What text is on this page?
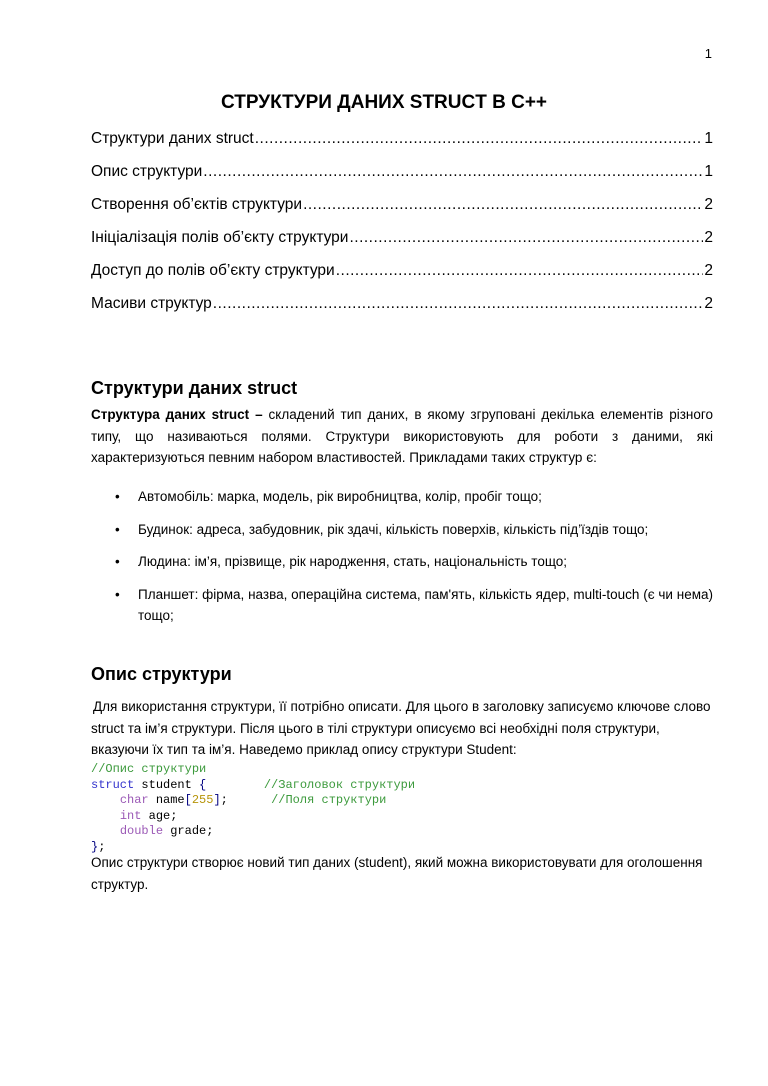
1
СТРУКТУРИ ДАНИХ STRUCT В С++
Структури даних struct .....	1
Опис структури .....	1
Створення об’єктів структури .....	2
Ініціалізація полів об’єкту структури .....	2
Доступ до полів об’єкту структури .....	2
Масиви структур .....	2
Структури даних struct

Структура даних struct – складений тип даних, в якому згруповані декілька елементів різного типу, що називаються полями. Структури використовують для роботи з даними, які характеризуються певним набором властивостей. Прикладами таких структур є:

• Автомобіль: марка, модель, рік виробництва, колір, пробіг тощо;
• Будинок: адреса, забудовник, рік здачі, кількість поверхів, кількість під’їздів тощо;
• Людина: ім’я, прізвище, рік народження, стать, національність тощо;
• Планшет: фірма, назва, операційна система, пам'ять, кількість ядер, multi-touch (є чи нема) тощо;
Опис структури

Для використання структури, її потрібно описати. Для цього в заголовку записуємо ключове слово struct та ім’я структури. Після цього в тілі структури описуємо всі необхідні поля структури, вказуючи їх тип та ім’я. Наведемо приклад опису структури Student:

//Опис структури
struct student {	//Заголовок структури
char name[255];	//Поля структури
int age;
double grade;
};

Опис структури створює новий тип даних (student), який можна використовувати для оголошення структур.
